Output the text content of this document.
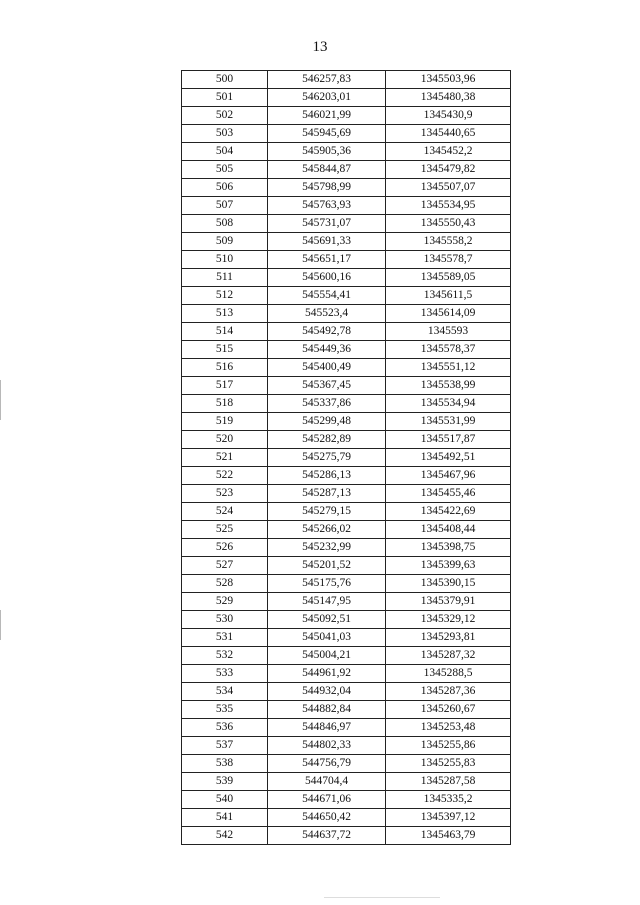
13
500	546257,83	1345503,96
501	546203,01	1345480,38
502	546021,99	1345430,9
503	545945,69	1345440,65
504	545905,36	1345452,2
505	545844,87	1345479,82
506	545798,99	1345507,07
507	545763,93	1345534,95
508	545731,07	1345550,43
509	545691,33	1345558,2
510	545651,17	1345578,7
511	545600,16	1345589,05
512	545554,41	1345611,5
513	545523,4	1345614,09
514	545492,78	1345593
515	545449,36	1345578,37
516	545400,49	1345551,12
517	545367,45	1345538,99
518	545337,86	1345534,94
519	545299,48	1345531,99
520	545282,89	1345517,87
521	545275,79	1345492,51
522	545286,13	1345467,96
523	545287,13	1345455,46
524	545279,15	1345422,69
525	545266,02	1345408,44
526	545232,99	1345398,75
527	545201,52	1345399,63
528	545175,76	1345390,15
529	545147,95	1345379,91
530	545092,51	1345329,12
531	545041,03	1345293,81
532	545004,21	1345287,32
533	544961,92	1345288,5
534	544932,04	1345287,36
535	544882,84	1345260,67
536	544846,97	1345253,48
537	544802,33	1345255,86
538	544756,79	1345255,83
539	544704,4	1345287,58
540	544671,06	1345335,2
541	544650,42	1345397,12
542	544637,72	1345463,79
